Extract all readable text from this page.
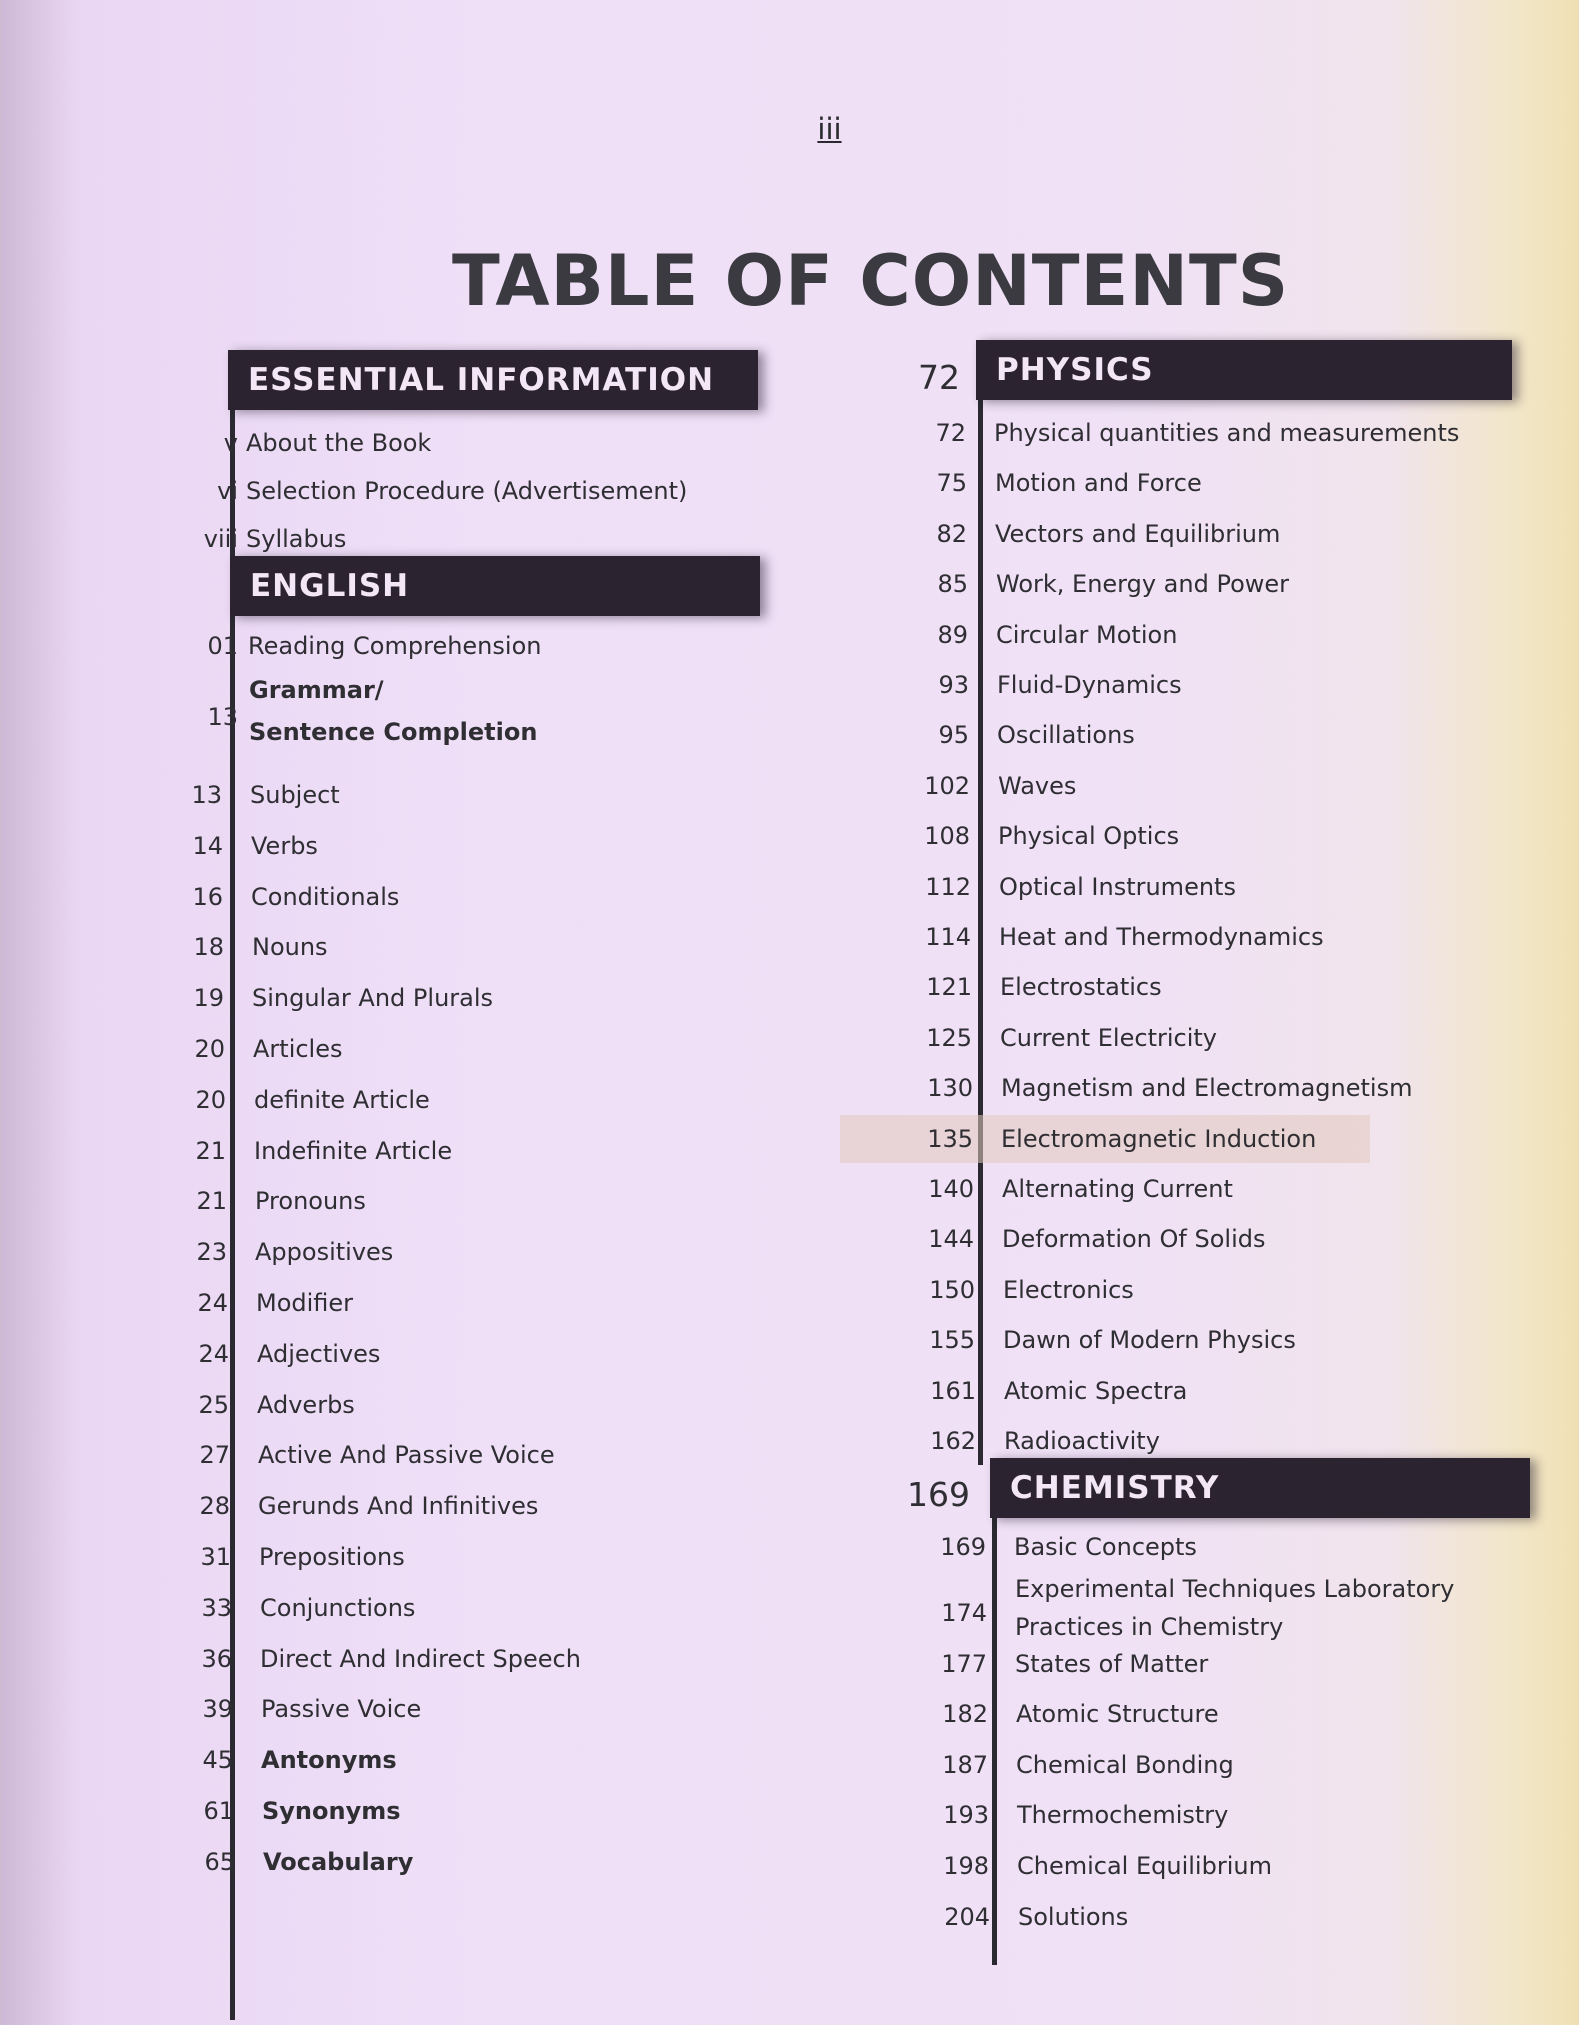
iii
TABLE OF CONTENTS
ESSENTIAL INFORMATION
v About the Book
vi Selection Procedure (Advertisement)
viii Syllabus
ENGLISH
01 Reading Comprehension
13
Grammar/
Sentence Completion
13 Subject
14 Verbs
16 Conditionals
18 Nouns
19 Singular And Plurals
20 Articles
20 definite Article
21 Indefinite Article
21 Pronouns
23 Appositives
24 Modifier
24 Adjectives
25 Adverbs
27 Active And Passive Voice
28 Gerunds And Infinitives
31 Prepositions
33 Conjunctions
36 Direct And Indirect Speech
39 Passive Voice
45 Antonyms
61 Synonyms
65 Vocabulary
72	PHYSICS
72 Physical quantities and measurements
75 Motion and Force
82 Vectors and Equilibrium
85 Work, Energy and Power
89 Circular Motion
93 Fluid-Dynamics
95 Oscillations
102 Waves
108 Physical Optics
112 Optical Instruments
114 Heat and Thermodynamics
121 Electrostatics
125 Current Electricity
130 Magnetism and Electromagnetism
135 Electromagnetic Induction
140 Alternating Current
144 Deformation Of Solids
150 Electronics
155 Dawn of Modern Physics
161 Atomic Spectra
162 Radioactivity
169	CHEMISTRY
169 Basic Concepts
174
Experimental Techniques Laboratory
Practices in Chemistry
177 States of Matter
182 Atomic Structure
187 Chemical Bonding
193 Thermochemistry
198 Chemical Equilibrium
204 Solutions
